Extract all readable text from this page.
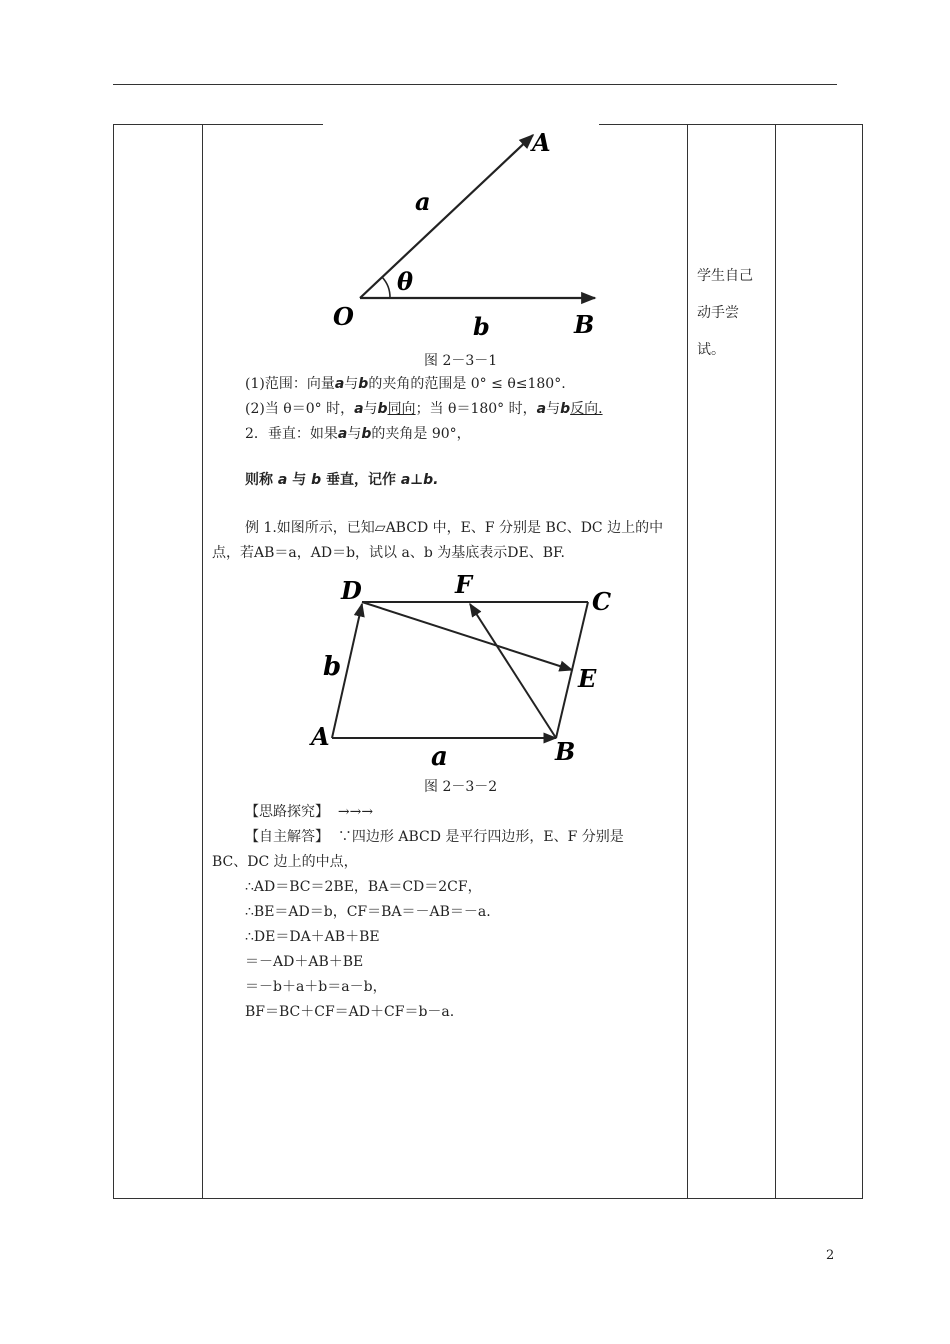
A
a
θ
O	b	B
图 2－3－1
(1)范围：向量a与b的夹角的范围是 0° ≤ θ≤180°.
(2)当 θ＝0° 时，a与b同向；当 θ＝180° 时，a与b反向.
2．垂直：如果a与b的夹角是 90°，
则称 a 与 b 垂直，记作 a⊥b.
例 1.如图所示，已知▱ABCD 中，E、F 分别是 BC、DC 边上的中
点，若AB＝a，AD＝b，试以 a、b 为基底表示DE、BF.
D	F
C
b	E
A
a	B
图 2－3－2
【思路探究】 →→→
【自主解答】 ∵四边形 ABCD 是平行四边形，E、F 分别是
BC、DC 边上的中点，
∴AD＝BC＝2BE，BA＝CD＝2CF，
∴BE＝AD＝b，CF＝BA＝－AB＝－a.
∴DE＝DA＋AB＋BE
＝－AD＋AB＋BE
＝－b＋a＋b＝a－b，
BF＝BC＋CF＝AD＋CF＝b－a.
学生自己
动手尝
试。
2
